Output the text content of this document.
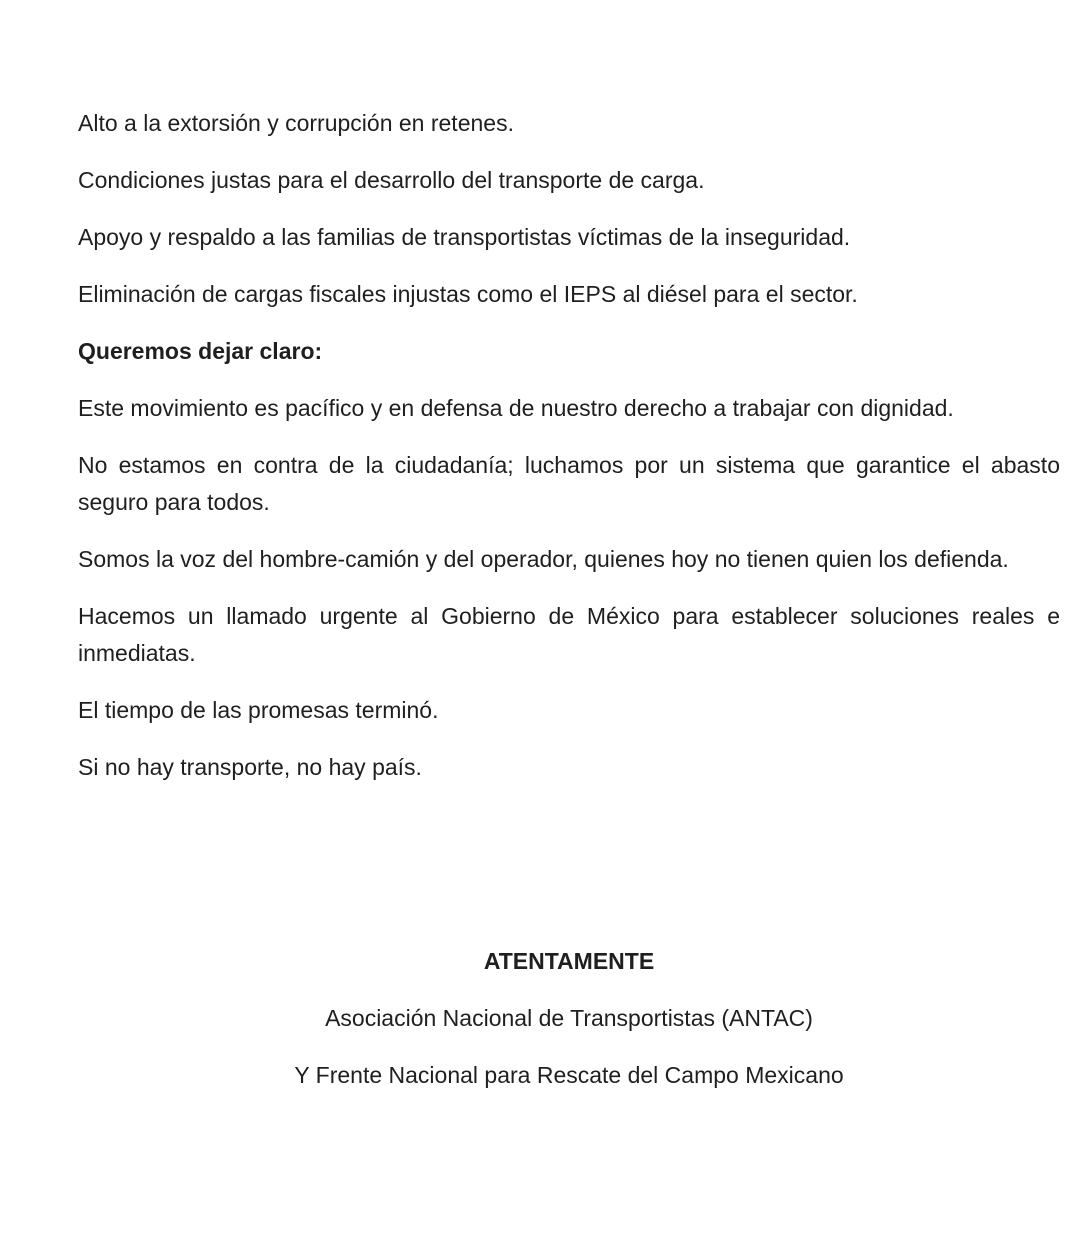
Alto a la extorsión y corrupción en retenes.

Condiciones justas para el desarrollo del transporte de carga.

Apoyo y respaldo a las familias de transportistas víctimas de la inseguridad.

Eliminación de cargas fiscales injustas como el IEPS al diésel para el sector.

Queremos dejar claro:

Este movimiento es pacífico y en defensa de nuestro derecho a trabajar con dignidad.

No estamos en contra de la ciudadanía; luchamos por un sistema que garantice el abasto seguro para todos.

Somos la voz del hombre-camión y del operador, quienes hoy no tienen quien los defienda.

Hacemos un llamado urgente al Gobierno de México para establecer soluciones reales e inmediatas.

El tiempo de las promesas terminó.

Si no hay transporte, no hay país.

ATENTAMENTE

Asociación Nacional de Transportistas (ANTAC)

Y Frente Nacional para Rescate del Campo Mexicano
